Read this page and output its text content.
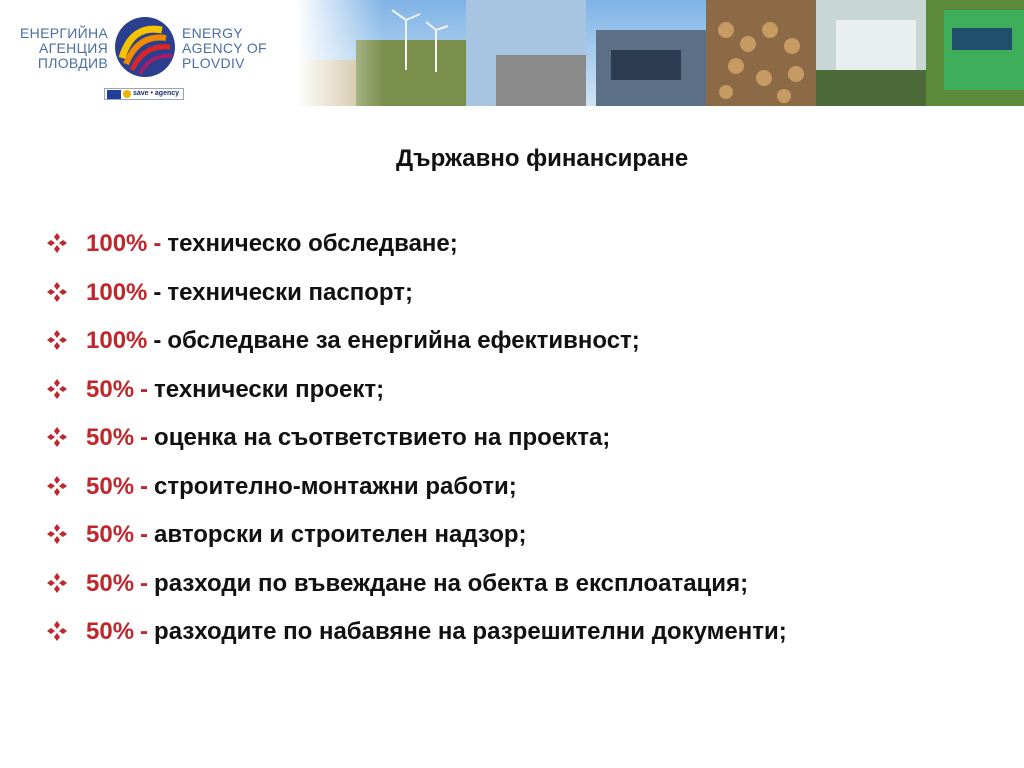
ЕНЕРГИЙНА
АГЕНЦИЯ
ПЛОВДИВ
ENERGY
AGENCY OF
PLOVDIV
save • agency
Държавно финансиране
100% - техническо обследване;
100% - технически паспорт;
100% - обследване за енергийна ефективност;
50% - технически проект;
50% - оценка на съответствието на проекта;
50% - строително-монтажни работи;
50% - авторски и строителен надзор;
50% - разходи по въвеждане на обекта в експлоатация;
50% - разходите по набавяне на разрешителни документи;
